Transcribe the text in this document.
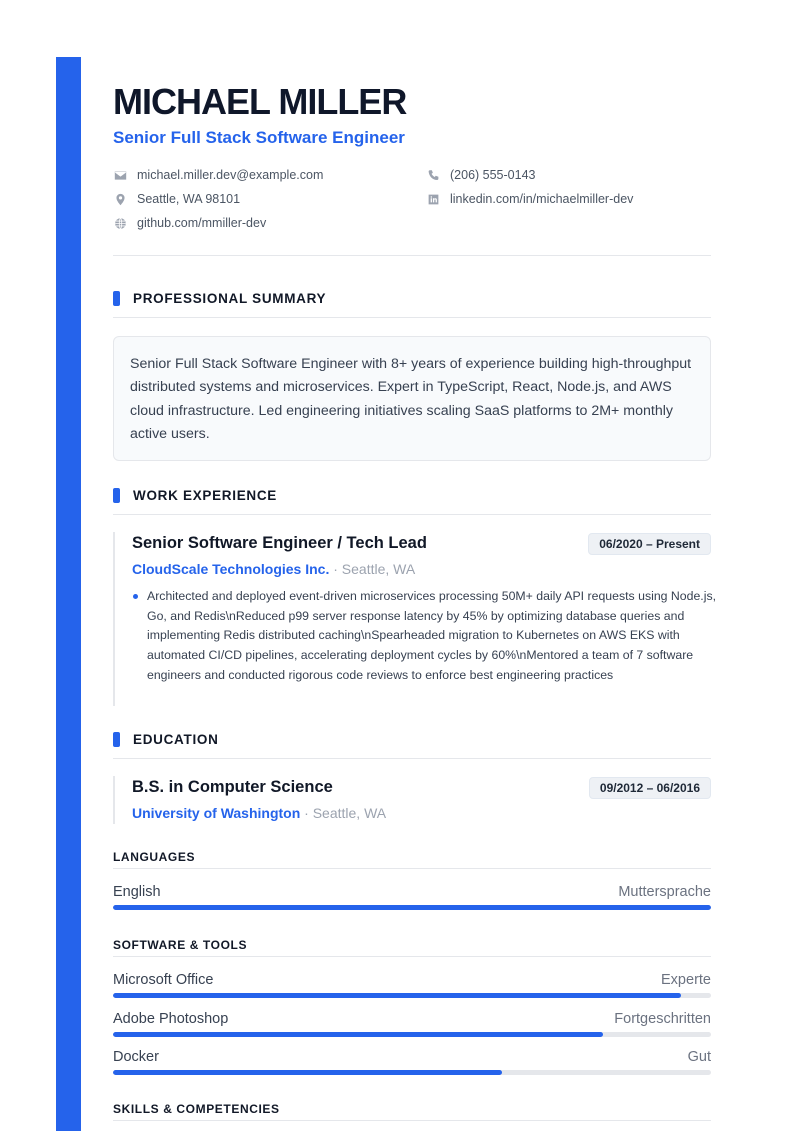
MICHAEL MILLER
Senior Full Stack Software Engineer
michael.miller.dev@example.com	(206) 555-0143
Seattle, WA 98101	linkedin.com/in/michaelmiller-dev
github.com/mmiller-dev
PROFESSIONAL SUMMARY

Senior Full Stack Software Engineer with 8+ years of experience building high-throughput distributed systems and microservices. Expert in TypeScript, React, Node.js, and AWS cloud infrastructure. Led engineering initiatives scaling SaaS platforms to 2M+ monthly active users.

WORK EXPERIENCE
Senior Software Engineer / Tech Lead	06/2020 – Present
CloudScale Technologies Inc. · Seattle, WA
Architected and deployed event-driven microservices processing 50M+ daily API requests using Node.js, Go, and Redis\nReduced p99 server response latency by 45% by optimizing database queries and implementing Redis distributed caching\nSpearheaded migration to Kubernetes on AWS EKS with automated CI/CD pipelines, accelerating deployment cycles by 60%\nMentored a team of 7 software engineers and conducted rigorous code reviews to enforce best engineering practices
EDUCATION
B.S. in Computer Science	09/2012 – 06/2016
University of Washington · Seattle, WA
LANGUAGES
English	Muttersprache
SOFTWARE & TOOLS
Microsoft Office	Experte
Adobe Photoshop	Fortgeschritten
Docker	Gut
SKILLS & COMPETENCIES
